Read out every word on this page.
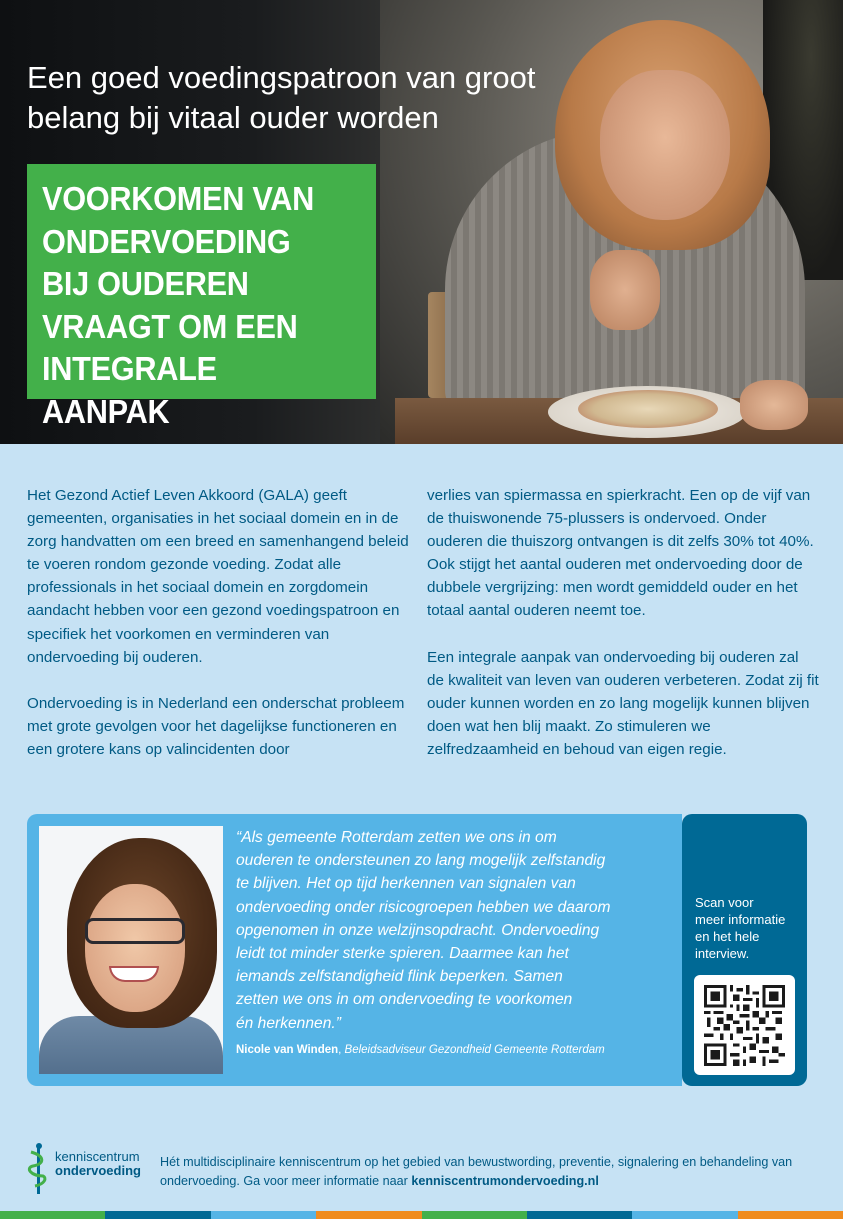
Een goed voedingspatroon van groot belang bij vitaal ouder worden
VOORKOMEN VAN
ONDERVOEDING
BIJ OUDEREN
VRAAGT OM EEN
INTEGRALE AANPAK

Het Gezond Actief Leven Akkoord (GALA) geeft gemeenten, organisaties in het sociaal domein en in de zorg handvatten om een breed en samenhangend beleid te voeren rondom gezonde voeding. Zodat alle professionals in het sociaal domein en zorgdomein aandacht hebben voor een gezond voedingspatroon en specifiek het voorkomen en verminderen van ondervoeding bij ouderen.

Ondervoeding is in Nederland een onderschat probleem met grote gevolgen voor het dagelijkse functioneren en een grotere kans op valincidenten door

verlies van spiermassa en spierkracht. Een op de vijf van de thuiswonende 75-plussers is ondervoed. Onder ouderen die thuiszorg ontvangen is dit zelfs 30% tot 40%. Ook stijgt het aantal ouderen met ondervoeding door de dubbele vergrijzing: men wordt gemiddeld ouder en het totaal aantal ouderen neemt toe.

Een integrale aanpak van ondervoeding bij ouderen zal de kwaliteit van leven van ouderen verbeteren. Zodat zij fit ouder kunnen worden en zo lang mogelijk kunnen blijven doen wat hen blij maakt. Zo stimuleren we zelfredzaamheid en behoud van eigen regie.

“Als gemeente Rotterdam zetten we ons in om
ouderen te ondersteunen zo lang mogelijk zelfstandig
te blijven. Het op tijd herkennen van signalen van
ondervoeding onder risicogroepen hebben we daarom
opgenomen in onze welzijnsopdracht. Ondervoeding
leidt tot minder sterke spieren. Daarmee kan het
iemands zelfstandigheid flink beperken. Samen
zetten we ons in om ondervoeding te voorkomen
én herkennen.”
Nicole van Winden, Beleidsadviseur Gezondheid Gemeente Rotterdam
Scan voor
meer informatie
en het hele
interview.
kenniscentrum
ondervoeding
Hét multidisciplinaire kenniscentrum op het gebied van bewustwording, preventie, signalering en behandeling van ondervoeding. Ga voor meer informatie naar kenniscentrumondervoeding.nl
